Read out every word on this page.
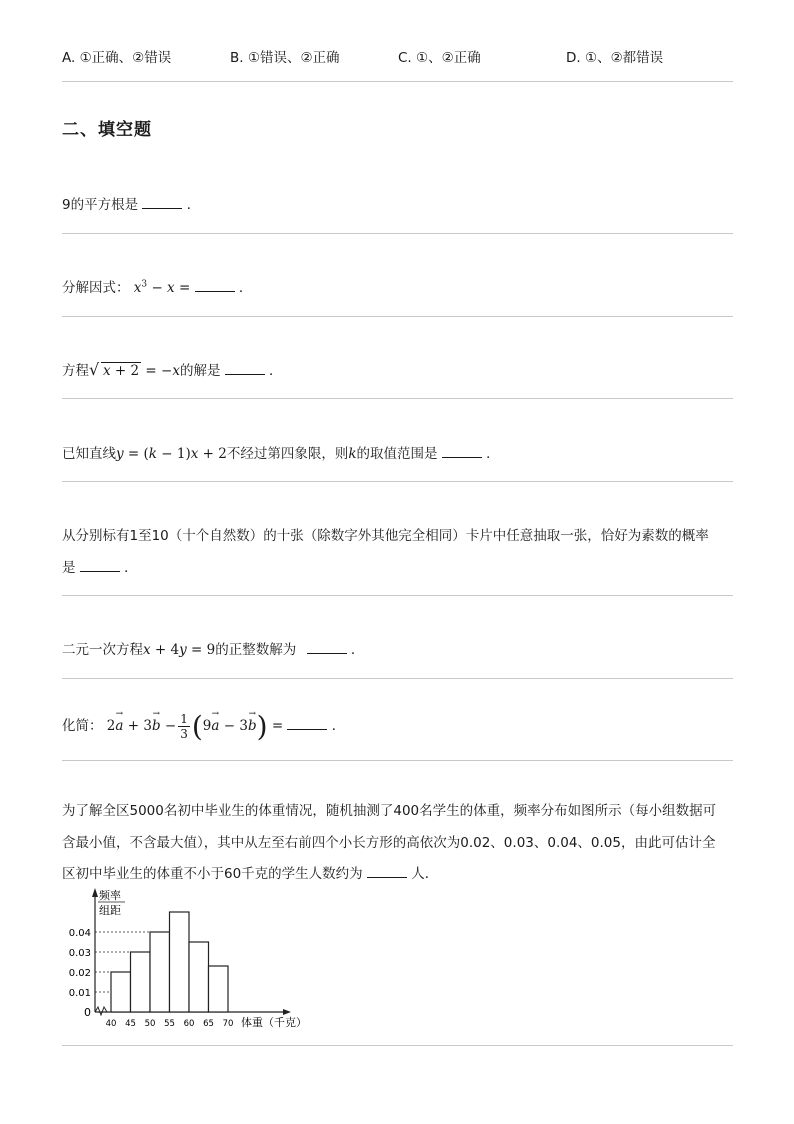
A. ①正确、②错误	B. ①错误、②正确	C. ①、②正确	D. ①、②都错误
二、填空题
9的平方根是	．
分解因式： $x^3 - x$ =	．
方程 √ x + 2 = −x的解是	．
已知直线y = (k − 1)x + 2不经过第四象限，则k的取值范围是	．
从分别标有1至10（十个自然数）的十张（除数字外其他完全相同）卡片中任意抽取一张，恰好为素数的概率
是	．
二元一次方程x + 4y = 9的正整数解为	．
化简： 2a
→
+ 3b
→
− $\frac{1}{3} (9a$
→
− 3b
→ ) =	．
为了解全区5000名初中毕业生的体重情况，随机抽测了400名学生的体重，频率分布如图所示（每小组数据可
含最小值，不含最大值），其中从左至右前四个小长方形的高依次为0.02、0.03、0.04、0.05，由此可估计全
区初中毕业生的体重不小于60千克的学生人数约为	人．
0
0.01
0.02
0.03
0.04
40 45 50 55 60 65 70 体重（千克）
频率
组距
